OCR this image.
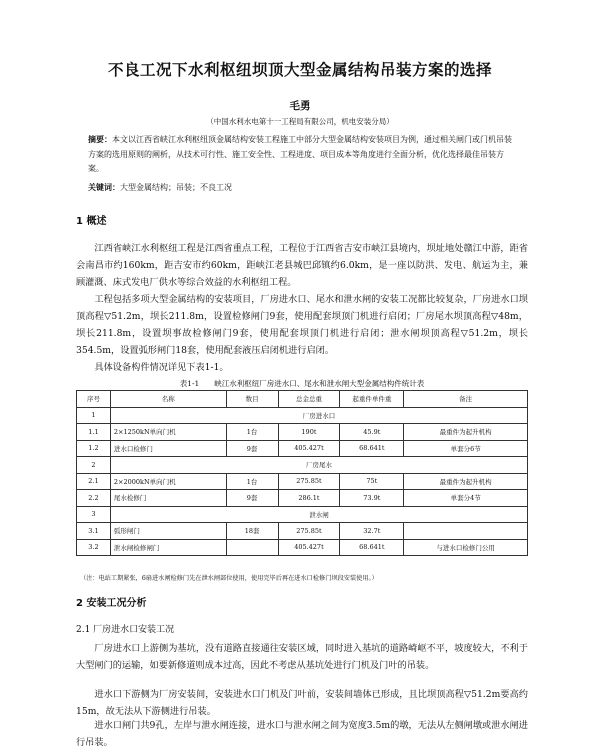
不良工况下水利枢纽坝顶大型金属结构吊装方案的选择
毛勇
（中国水利水电第十一工程局有限公司，机电安装分局）
摘要：本文以江西省峡江水利枢纽顶金属结构安装工程施工中部分大型金属结构安装项目为例，通过相关闸门或门机吊装方案的选用原则的阐析，从技术可行性、施工安全性、工程进度、项目成本等角度进行全面分析，优化选择最佳吊装方案。
关键词：大型金属结构；吊装；不良工况
1 概述
江西省峡江水利枢纽工程是江西省重点工程，工程位于江西省吉安市峡江县境内，坝址地处赣江中游，距省会南昌市约160km，距吉安市约60km，距峡江老县城巴邱镇约6.0km，是一座以防洪、发电、航运为主，兼顾灌溉、床式发电厂供水等综合效益的水利枢纽工程。
工程包括多项大型金属结构的安装项目，厂房进水口、尾水和泄水闸的安装工况都比较复杂，厂房进水口坝顶高程▽51.2m，坝长211.8m，设置检修闸门9套，使用配套坝顶门机进行启闭；厂房尾水坝顶高程▽48m，坝长211.8m，设置坝事故检修闸门9套，使用配套坝顶门机进行启闭；泄水闸坝顶高程▽51.2m，坝长354.5m，设置弧形闸门18套，使用配套液压启闭机进行启闭。
具体设备构件情况详见下表1-1。
表1-1　　峡江水利枢纽厂房进水口、尾水和泄水闸大型金属结构件统计表
序号	名称	数目	总金总重	起重件单件重	备注
1	厂房进水口				
1.1	2×1250kN单向门机	1台	190t	45.9t	最重件为起升机构
1.2	进水口检修门	9套	405.427t	68.641t	单套分6节
2	厂房尾水				
2.1	2×2000kN单向门机	1台	275.85t	75t	最重件为起升机构
2.2	尾水检修门	9套	286.1t	73.9t	单套分4节
3	泄水闸				
3.1	弧形闸门	18套	275.85t	32.7t	
3.2	泄水闸检修闸门		405.427t	68.641t	与进水口检修门公用
（注：电站工期紧张，6扇进水闸检修门先在泄水闸部位使用，使用完毕后再在进水口检修门坝段安装使用。）
2 安装工况分析
2.1 厂房进水口安装工况
厂房进水口上游侧为基坑，没有道路直接通往安装区域，同时进入基坑的道路崎岖不平，坡度较大，不利于大型闸门的运输，如要新修道则成本过高，因此不考虑从基坑处进行门机及门叶的吊装。
进水口下游侧为厂房安装间，安装进水口门机及门叶前，安装间墙体已形成，且比坝顶高程▽51.2m要高约15m，故无法从下游侧进行吊装。
进水口闸门共9孔，左岸与泄水闸连接，进水口与泄水闸之间为宽度3.5m的墩，无法从左侧闸墩或泄水闸进行吊装。
